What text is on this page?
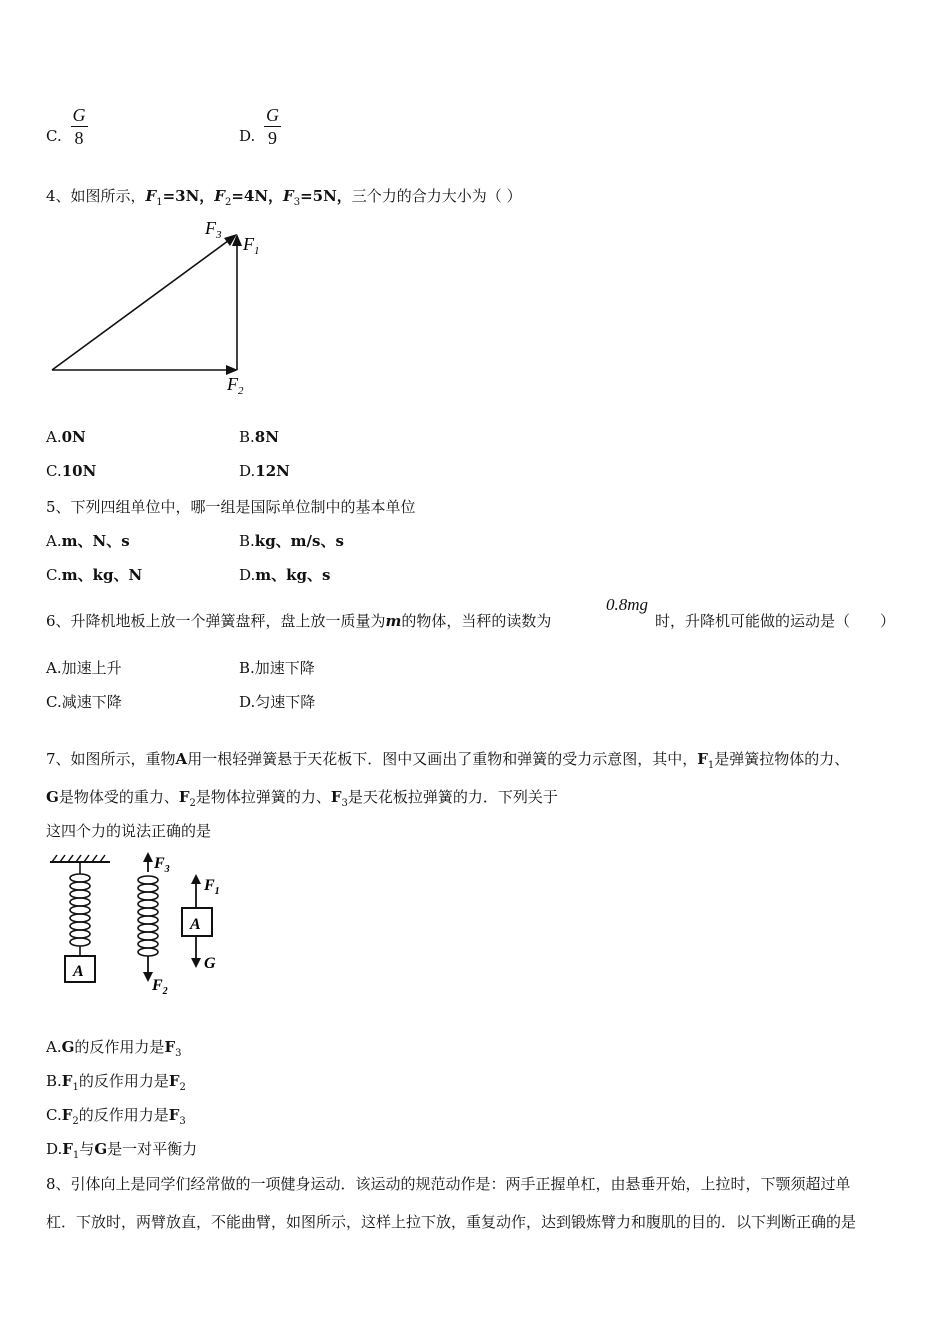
C. $\frac{G}{8}$	D. $\frac{G}{9}$
4、如图所示，$F_1=3N$，$F_2=4N$，$F_3=5N$，三个力的合力大小为（ ）
$F_3$ $F_1$
$F_2$
A.0N	B.8N
C.10N	D.12N
5、下列四组单位中，哪一组是国际单位制中的基本单位
A.m、N、s	B.kg、m/s、s
C.m、kg、N	D.m、kg、s
6、升降机地板上放一个弹簧盘秤，盘上放一质量为m的物体，当秤的读数为
0.8mg
时，升降机可能做的运动是（　　）
A.加速上升	B.加速下降
C.减速下降	D.匀速下降
7、如图所示，重物A用一根轻弹簧悬于天花板下．图中又画出了重物和弹簧的受力示意图，其中，$F_1$是弹簧拉物体的力、
G是物体受的重力、$F_2$是物体拉弹簧的力、$F_3$是天花板拉弹簧的力．下列关于
这四个力的说法正确的是
A
$F_3$
$F_2$
$F_1$
A
G
A.G的反作用力是$F_3$
$B.F_1$的反作用力是$F_2$
$C.F_2$的反作用力是$F_3$
$D.F_1$与G是一对平衡力
8、引体向上是同学们经常做的一项健身运动．该运动的规范动作是：两手正握单杠，由悬垂开始，上拉时，下颚须超过单
杠．下放时，两臂放直，不能曲臂，如图所示，这样上拉下放，重复动作，达到锻炼臂力和腹肌的目的．以下判断正确的是
